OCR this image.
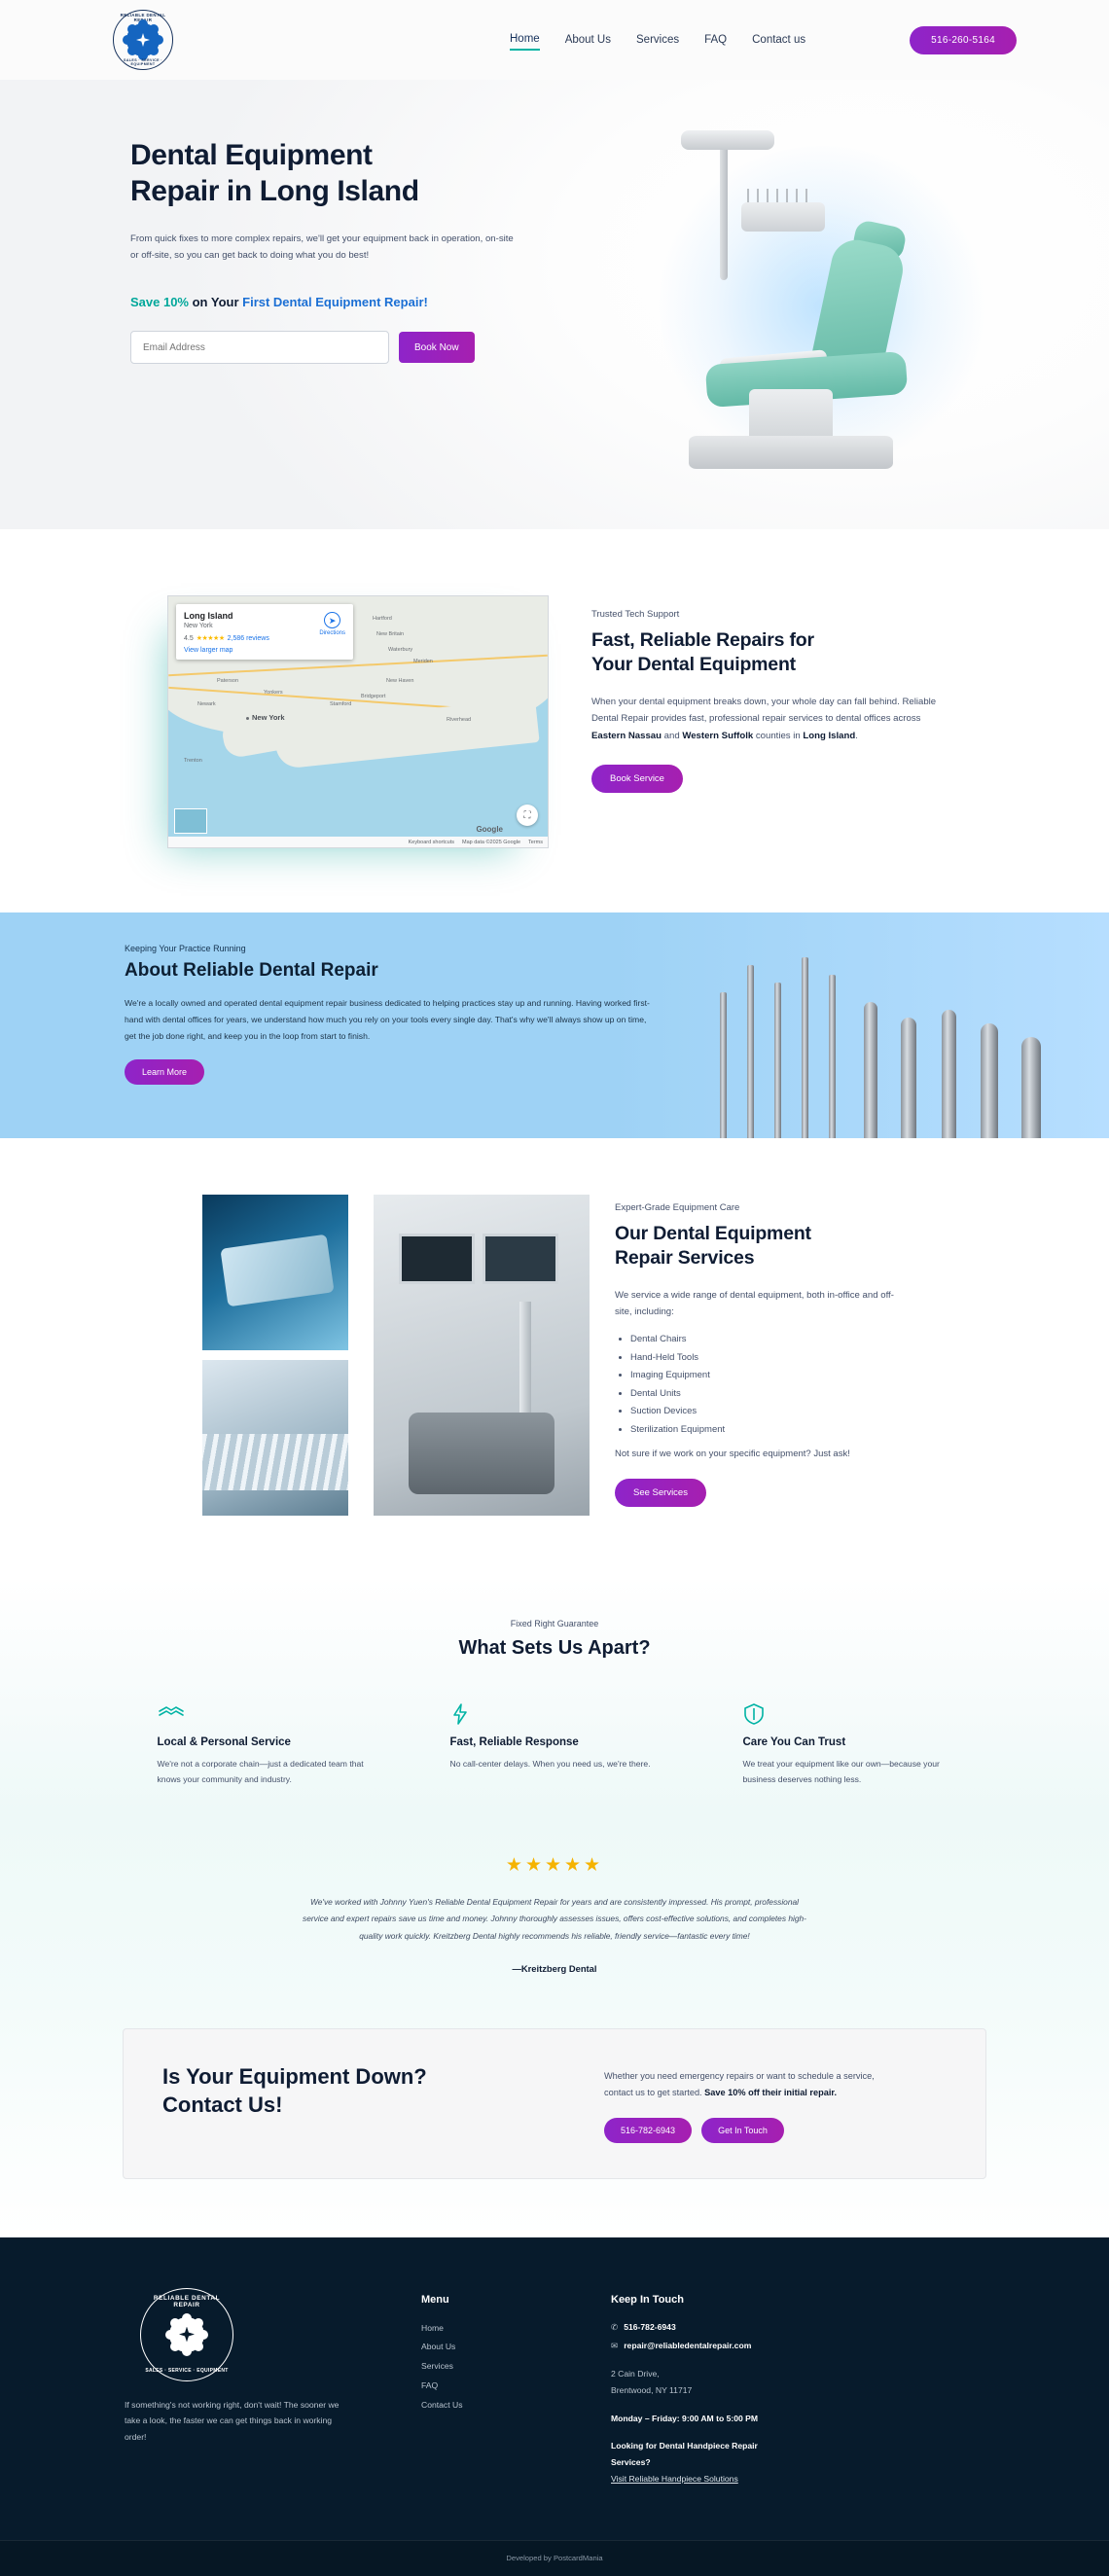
RELIABLE DENTAL REPAIR
SALES · SERVICE · EQUIPMENT
Home About Us Services FAQ Contact us	516-260-5164
Dental Equipment
Repair in Long Island

From quick fixes to more complex repairs, we'll get your equipment back in operation, on-site or off-site, so you can get back to doing what you do best!

Save 10% on Your First Dental Equipment Repair!
Email Address
Book Now
Hartford
New Britain
Waterbury
Meriden
New Haven
Bridgeport
Stamford
Newark
New York
Yonkers
Paterson
Trenton
Riverhead
Long Island
New York
4.5 ★★★★★ 2,586 reviews
View larger map
➤
Directions
Google
⛶
Keyboard shortcuts Map data ©2025 Google Terms
Trusted Tech Support
Fast, Reliable Repairs for
Your Dental Equipment
When your dental equipment breaks down, your whole day can fall behind. Reliable Dental Repair provides fast, professional repair services to dental offices across Eastern Nassau and Western Suffolk counties in Long Island.
Book Service
Keeping Your Practice Running
About Reliable Dental Repair

We're a locally owned and operated dental equipment repair business dedicated to helping practices stay up and running. Having worked first-hand with dental offices for years, we understand how much you rely on your tools every single day. That's why we'll always show up on time, get the job done right, and keep you in the loop from start to finish.

Learn More
Expert-Grade Equipment Care
Our Dental Equipment
Repair Services
We service a wide range of dental equipment, both in-office and off-site, including:
• Dental Chairs
• Hand-Held Tools
• Imaging Equipment
• Dental Units
• Suction Devices
• Sterilization Equipment
Not sure if we work on your specific equipment? Just ask!
See Services
Fixed Right Guarantee
What Sets Us Apart?
Local & Personal Service

We're not a corporate chain—just a dedicated team that knows your community and industry.

Fast, Reliable Response

No call-center delays. When you need us, we're there.

Care You Can Trust

We treat your equipment like our own—because your business deserves nothing less.

★★★★★
We've worked with Johnny Yuen's Reliable Dental Equipment Repair for years and are consistently impressed. His prompt, professional service and expert repairs save us time and money. Johnny thoroughly assesses issues, offers cost-effective solutions, and completes high-quality work quickly. Kreitzberg Dental highly recommends his reliable, friendly service—fantastic every time!
—Kreitzberg Dental
Is Your Equipment Down?
Contact Us!

Whether you need emergency repairs or want to schedule a service, contact us to get started. Save 10% off their initial repair.

516-782-6943	Get In Touch
RELIABLE DENTAL REPAIR
SALES · SERVICE · EQUIPMENT

If something's not working right, don't wait! The sooner we take a look, the faster we can get things back in working order!

Menu
Home
About Us
Services
FAQ
Contact Us
Keep In Touch
✆ 516-782-6943
✉ repair@reliabledentalrepair.com
2 Cain Drive,
Brentwood, NY 11717
Monday – Friday: 9:00 AM to 5:00 PM
Looking for Dental Handpiece Repair
Services?
Visit Reliable Handpiece Solutions
Developed by PostcardMania
